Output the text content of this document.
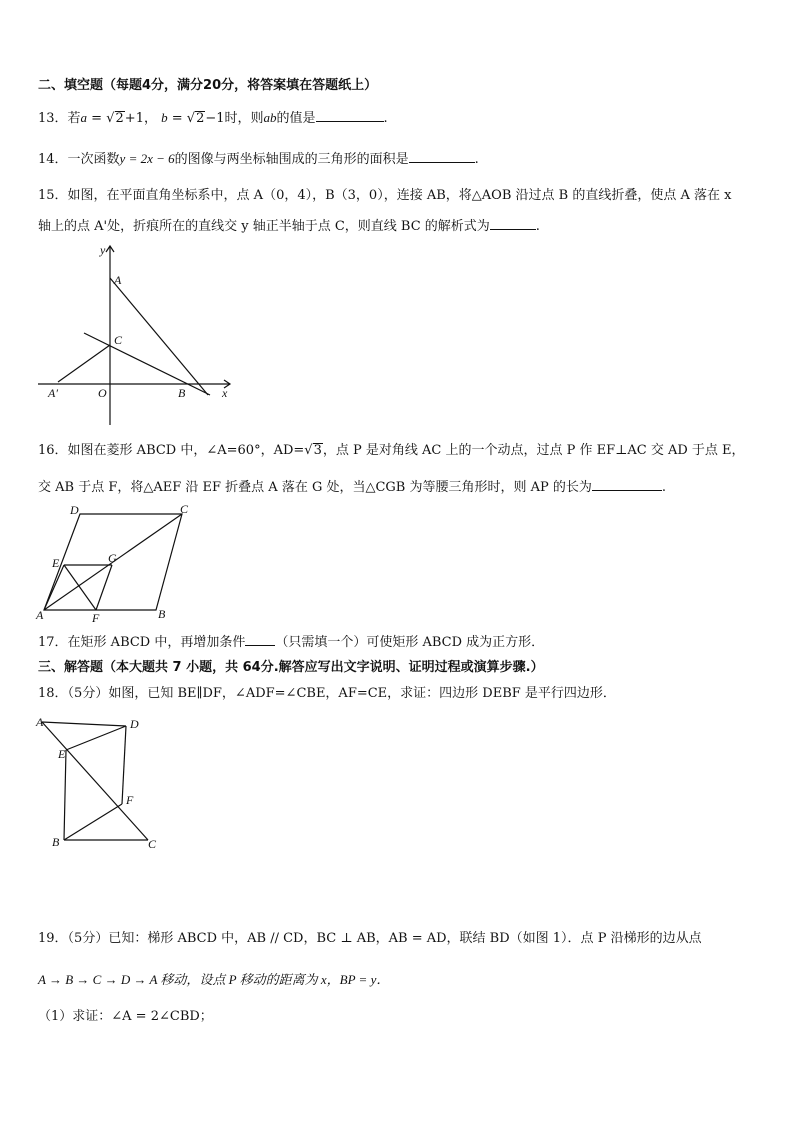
二、填空题（每题4分，满分20分，将答案填在答题纸上）
13．若a = √2+1， b = √2−1时，则ab的值是	.
14．一次函数y = 2x − 6的图像与两坐标轴围成的三角形的面积是	.
15．如图，在平面直角坐标系中，点 A（0，4），B（3，0），连接 AB，将△AOB 沿过点 B 的直线折叠，使点 A 落在 x
轴上的点 A'处，折痕所在的直线交 y 轴正半轴于点 C，则直线 BC 的解析式为	.
y
A
C
O	B	x
A′
16．如图在菱形 ABCD 中，∠A=60°，AD=√3，点 P 是对角线 AC 上的一个动点，过点 P 作 EF⊥AC 交 AD 于点 E，
交 AB 于点 F，将△AEF 沿 EF 折叠点 A 落在 G 处，当△CGB 为等腰三角形时，则 AP 的长为	.
D	C
E	G
A	F	B
17．在矩形 ABCD 中，再增加条件 （只需填一个）可使矩形 ABCD 成为正方形．
三、解答题（本大题共 7 小题，共 64分.解答应写出文字说明、证明过程或演算步骤.）
18．（5分）如图，已知 BE∥DF，∠ADF=∠CBE，AF=CE，求证：四边形 DEBF 是平行四边形．
A	D
E
F
B	C
19．（5分）已知：梯形 ABCD 中，AB // CD，BC ⊥ AB，AB = AD，联结 BD（如图 1）．点 P 沿梯形的边从点
A → B → C → D → A 移动，设点 P 移动的距离为 x，BP = y．
（1）求证：∠A = 2∠CBD；
